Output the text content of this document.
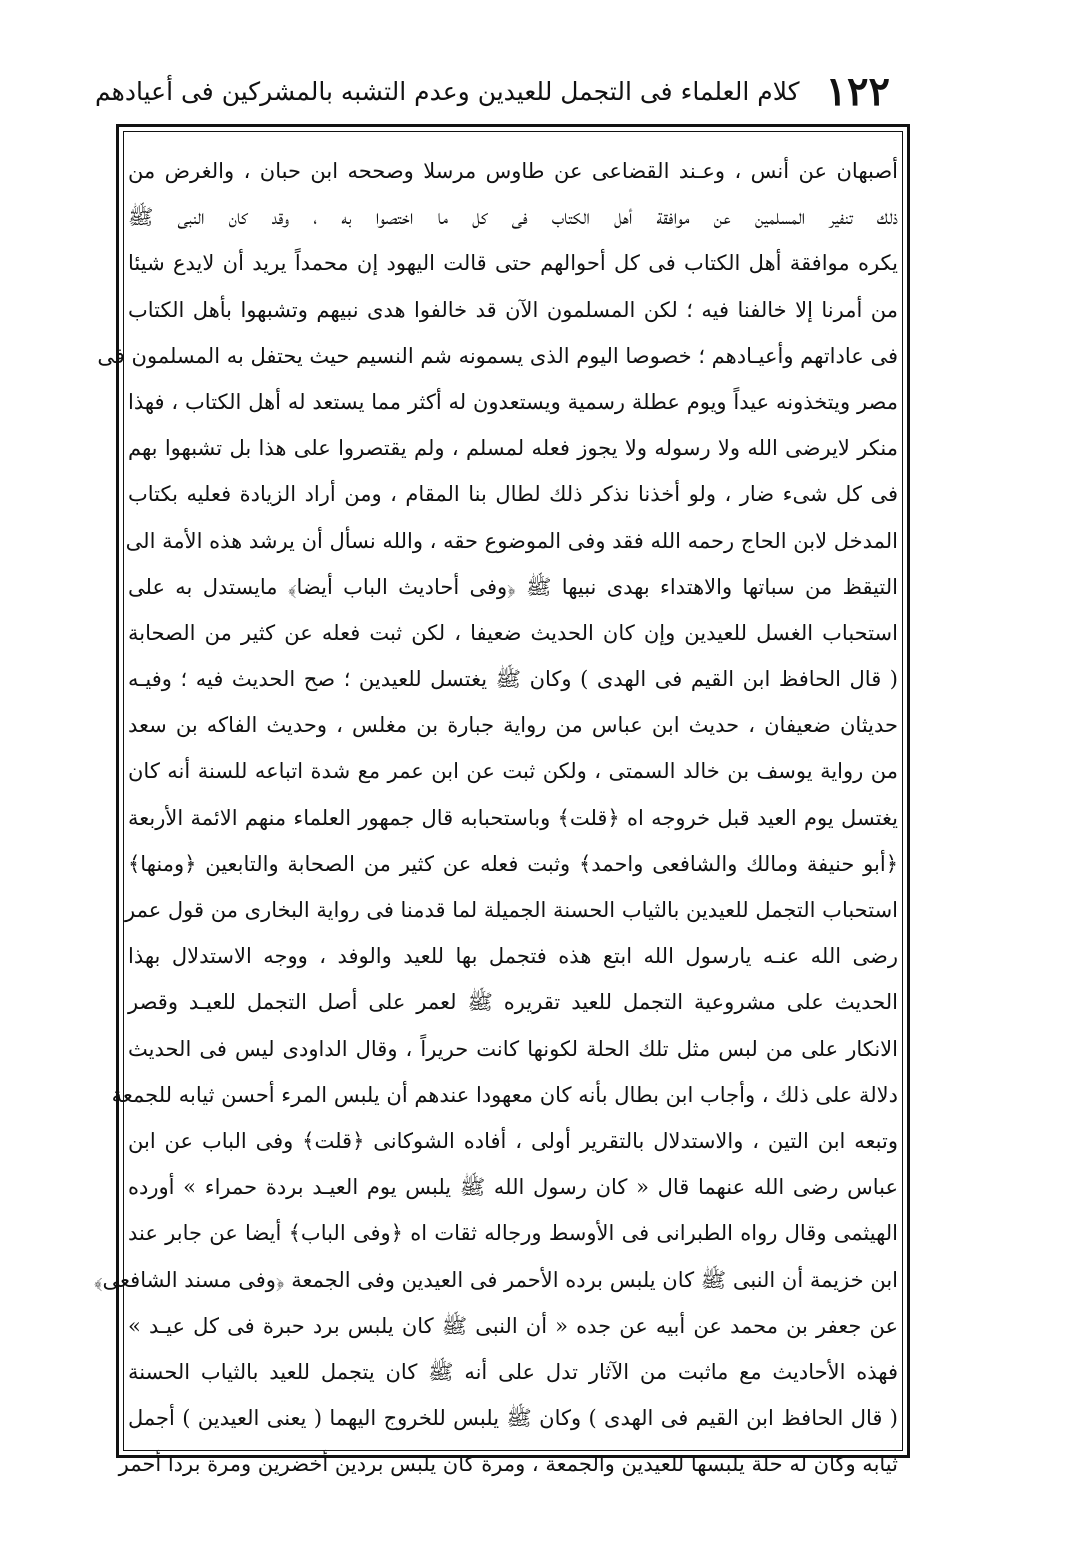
١٢٢
كلام العلماء فى التجمل للعيدين وعدم التشبه بالمشركين فى أعيادهم
أصبهان عن أنس ، وعـند القضاعى عن طاوس مرسلا وصححه ابن حبان ، والغرض من
ذلك تنفير المسلمين عن موافقة أهل الكتاب فى كل ما اختصوا به ، وقد كان النبى ﷺ
يكره موافقة أهل الكتاب فى كل أحوالهم حتى قالت اليهود إن محمداً يريد أن لايدع شيئا
من أمرنا إلا خالفنا فيه ؛ لكن المسلمون الآن قد خالفوا هدى نبيهم وتشبهوا بأهل الكتاب
فى عاداتهم وأعيـادهم ؛ خصوصا اليوم الذى يسمونه شم النسيم حيث يحتفل به المسلمون فى
مصر ويتخذونه عيداً ويوم عطلة رسمية ويستعدون له أكثر مما يستعد له أهل الكتاب ، فهذا
منكر لايرضى الله ولا رسوله ولا يجوز فعله لمسلم ، ولم يقتصروا على هذا بل تشبهوا بهم
فى كل شىء ضار ، ولو أخذنا نذكر ذلك لطال بنا المقام ، ومن أراد الزيادة فعليه بكتاب
المدخل لابن الحاج رحمه الله فقد وفى الموضوع حقه ، والله نسأل أن يرشد هذه الأمة الى
التيقظ من سباتها والاهتداء بهدى نبيها ﷺ ﴿وفى أحاديث الباب أيضا﴾ مايستدل به على
استحباب الغسل للعيدين وإن كان الحديث ضعيفا ، لكن ثبت فعله عن كثير من الصحابة
( قال الحافظ ابن القيم فى الهدى ) وكان ﷺ يغتسل للعيدين ؛ صح الحديث فيه ؛ وفيـه
حديثان ضعيفان ، حديث ابن عباس من رواية جبارة بن مغلس ، وحديث الفاكه بن سعد
من رواية يوسف بن خالد السمتى ، ولكن ثبت عن ابن عمر مع شدة اتباعه للسنة أنه كان
يغتسل يوم العيد قبل خروجه اه ﴿قلت﴾ وباستحبابه قال جمهور العلماء منهم الائمة الأربعة
﴿أبو حنيفة ومالك والشافعى واحمد﴾ وثبت فعله عن كثير من الصحابة والتابعين ﴿ومنها﴾
استحباب التجمل للعيدين بالثياب الحسنة الجميلة لما قدمنا فى رواية البخارى من قول عمر
رضى الله عنـه يارسول الله ابتع هذه فتجمل بها للعيد والوفد ، ووجه الاستدلال بهذا
الحديث على مشروعية التجمل للعيد تقريره ﷺ لعمر على أصل التجمل للعيـد وقصر
الانكار على من لبس مثل تلك الحلة لكونها كانت حريراً ، وقال الداودى ليس فى الحديث
دلالة على ذلك ، وأجاب ابن بطال بأنه كان معهودا عندهم أن يلبس المرء أحسن ثيابه للجمعة
وتبعه ابن التين ، والاستدلال بالتقرير أولى ، أفاده الشوكانى ﴿قلت﴾ وفى الباب عن ابن
عباس رضى الله عنهما قال « كان رسول الله ﷺ يلبس يوم العيـد بردة حمراء » أورده
الهيثمى وقال رواه الطبرانى فى الأوسط ورجاله ثقات اه ﴿وفى الباب﴾ أيضا عن جابر عند
ابن خزيمة أن النبى ﷺ كان يلبس برده الأحمر فى العيدين وفى الجمعة ﴿وفى مسند الشافعى﴾
عن جعفر بن محمد عن أبيه عن جده « أن النبى ﷺ كان يلبس برد حبرة فى كل عيـد »
فهذه الأحاديث مع ماثبت من الآثار تدل على أنه ﷺ كان يتجمل للعيد بالثياب الحسنة
( قال الحافظ ابن القيم فى الهدى ) وكان ﷺ يلبس للخروج اليهما ( يعنى العيدين ) أجمل
ثيابه وكان له حلة يلبسها للعيدين والجمعة ، ومرة كان يلبس بردين أخضرين ومرة بردا أحمر
